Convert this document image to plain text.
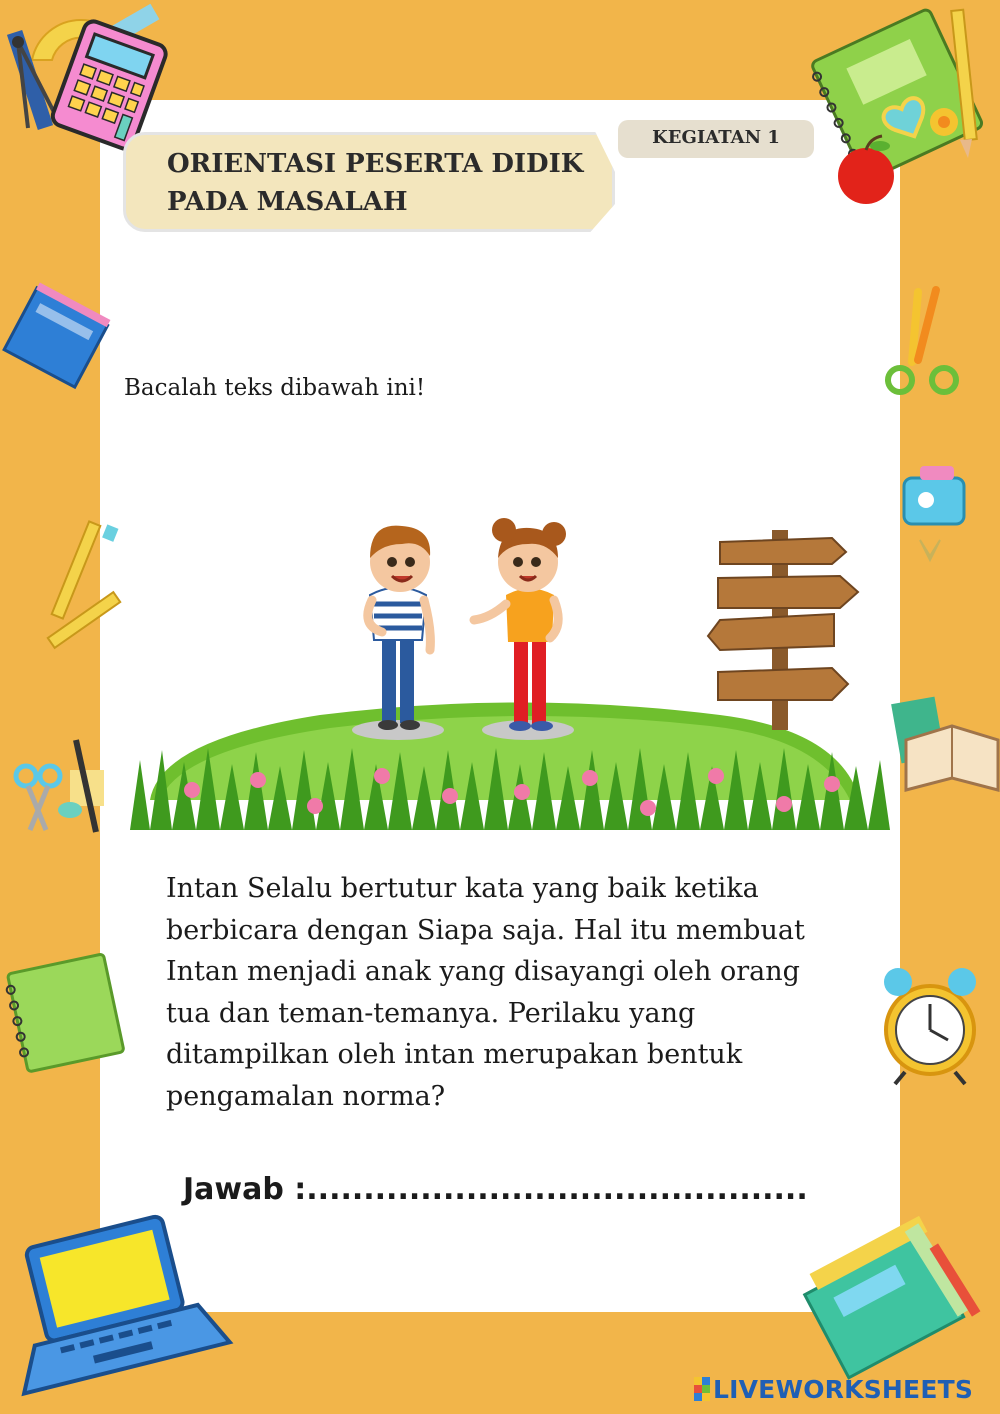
ORIENTASI PESERTA DIDIK
PADA MASALAH
KEGIATAN 1
Bacalah teks dibawah ini!
Intan Selalu bertutur kata yang baik ketika
berbicara dengan Siapa saja. Hal itu membuat
Intan menjadi anak yang disayangi oleh orang
tua dan teman-temanya. Perilaku yang
ditampilkan oleh intan merupakan bentuk
pengamalan norma?
Jawab :............................................
LIVEWORKSHEETS
